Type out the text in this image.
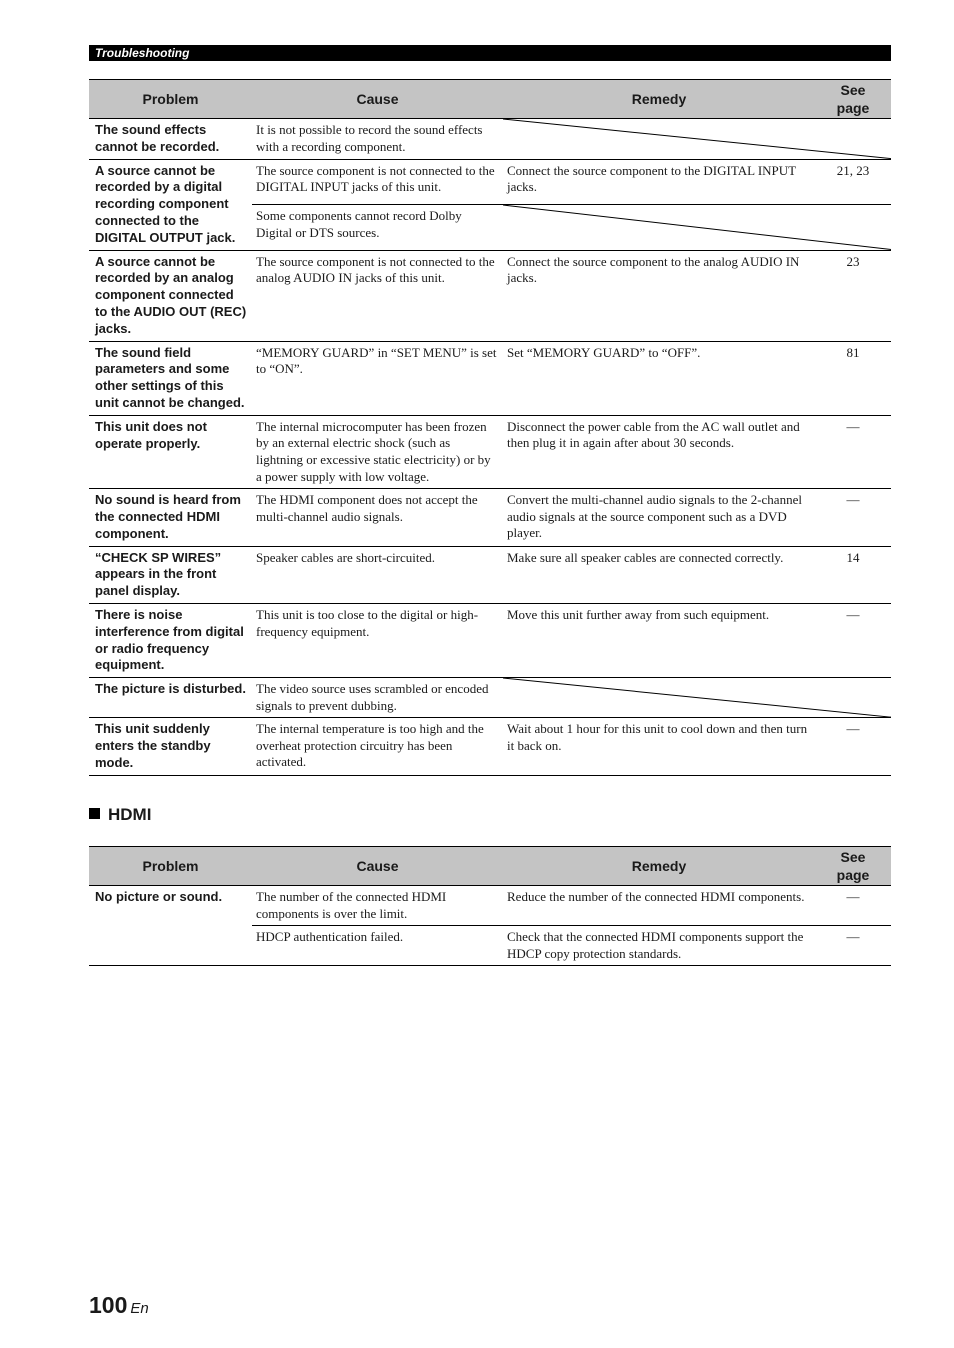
Troubleshooting
Problem	Cause	Remedy	See
page
The sound effects cannot be recorded.	It is not possible to record the sound effects with a recording component.	

A source cannot be recorded by a digital recording component connected to the DIGITAL OUTPUT jack.	The source component is not connected to the DIGITAL INPUT jacks of this unit.	Connect the source component to the DIGITAL INPUT jacks.	21, 23
	Some components cannot record Dolby Digital or DTS sources.	

A source cannot be recorded by an analog component connected to the AUDIO OUT (REC) jacks.	The source component is not connected to the analog AUDIO IN jacks of this unit.	Connect the source component to the analog AUDIO IN jacks.	23
The sound field parameters and some other settings of this unit cannot be changed.	“MEMORY GUARD” in “SET MENU” is set to “ON”.	Set “MEMORY GUARD” to “OFF”.	81
This unit does not operate properly.	The internal microcomputer has been frozen by an external electric shock (such as lightning or excessive static electricity) or by a power supply with low voltage.	Disconnect the power cable from the AC wall outlet and then plug it in again after about 30 seconds.	—
No sound is heard from the connected HDMI component.	The HDMI component does not accept the multi-channel audio signals.	Convert the multi-channel audio signals to the 2-channel audio signals at the source component such as a DVD player.	—
“CHECK SP WIRES” appears in the front panel display.	Speaker cables are short-circuited.	Make sure all speaker cables are connected correctly.	14
There is noise interference from digital or radio frequency equipment.	This unit is too close to the digital or high-frequency equipment.	Move this unit further away from such equipment.	—
The picture is disturbed.	The video source uses scrambled or encoded signals to prevent dubbing.	

This unit suddenly enters the standby mode.	The internal temperature is too high and the overheat protection circuitry has been activated.	Wait about 1 hour for this unit to cool down and then turn it back on.	—
HDMI
Problem	Cause	Remedy	See
page
No picture or sound.	The number of the connected HDMI components is over the limit.	Reduce the number of the connected HDMI components.	—
	HDCP authentication failed.	Check that the connected HDMI components support the HDCP copy protection standards.	—
100 En
